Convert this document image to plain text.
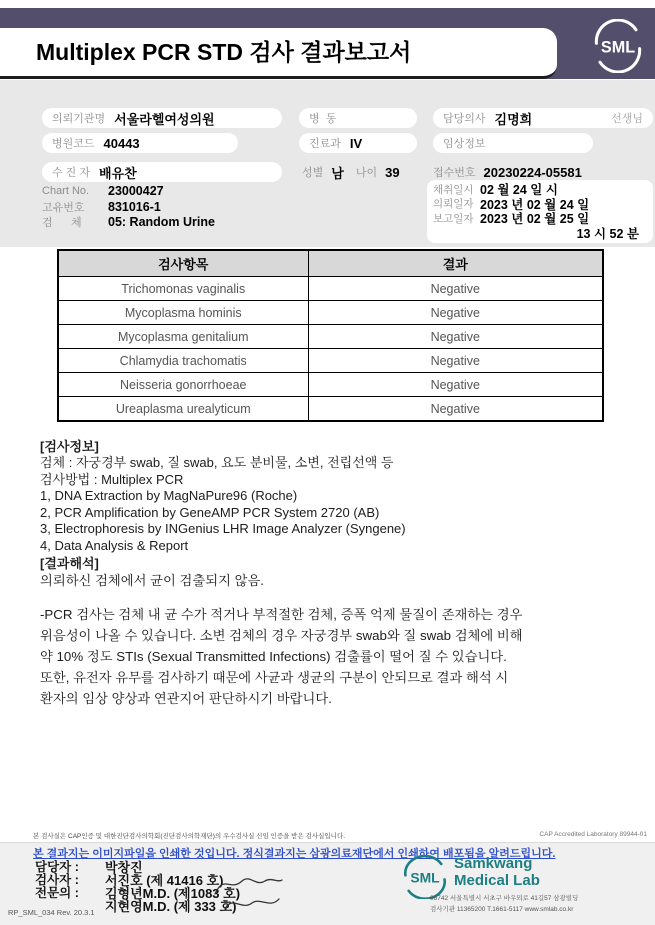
Multiplex PCR STD 검사 결과보고서	SML
의뢰기관명 서울라헬여성의원	병  동	담당의사 김명희	선생님
병원코드 40443	진료과 IV	임상정보
수 진 자 배유찬	성별 남 나이 39	접수번호 20230224-05581
Chart No.	23000427
고유번호	831016-1
검      체	05: Random Urine
채취일시 02 월 24 일 시
의뢰일자 2023 년 02 월 24 일
보고일자 2023 년 02 월 25 일
13 시 52 분
검사항목	결과
Trichomonas vaginalis	Negative
Mycoplasma hominis	Negative
Mycoplasma genitalium	Negative
Chlamydia trachomatis	Negative
Neisseria gonorrhoeae	Negative
Ureaplasma urealyticum	Negative
[검사정보]
검체 : 자궁경부 swab, 질 swab, 요도 분비물, 소변, 전립선액 등
검사방법 : Multiplex PCR
1, DNA Extraction by MagNaPure96 (Roche)
2, PCR Amplification by GeneAMP PCR System 2720 (AB)
3, Electrophoresis by INGenius LHR Image Analyzer (Syngene)
4, Data Analysis & Report
[결과해석]
의뢰하신 검체에서 균이 검출되지 않음.
-PCR 검사는 검체 내 균 수가 적거나 부적절한 검체, 증폭 억제 물질이 존재하는 경우
위음성이 나올 수 있습니다. 소변 검체의 경우 자궁경부 swab와 질 swab 검체에 비해
약 10% 정도 STIs (Sexual Transmitted Infections) 검출률이 떨어 질 수 있습니다.
또한, 유전자 유무를 검사하기 때문에 사균과 생균의 구분이 안되므로 결과 해석 시
환자의 임상 양상과 연관지어 판단하시기 바랍니다.
본 검사실은 CAP인증 및 대한진단검사의학회(진단검사의학재단)의 우수검사실 신임 인증을 받은 검사실입니다.	CAP Accredited Laboratory 89944-01
본 결과지는 이미지파일을 인쇄한 것입니다. 정식결과지는 삼광의료재단에서 인쇄하여 배포됨을 알려드립니다.
담당자 :	박창진
검사자 :	서진호 (제 41416 호)
전문의 :	김형년M.D. (제1083 호)
지현영M.D. (제 333 호)
RP_SML_034 Rev. 20.3.1
SML
Samkwang
Medical Lab
06742 서울특별시 서초구 바우뫼로 41길57 삼광빌딩
검사기관 11365200 T.1661-5117 www.smlab.co.kr
